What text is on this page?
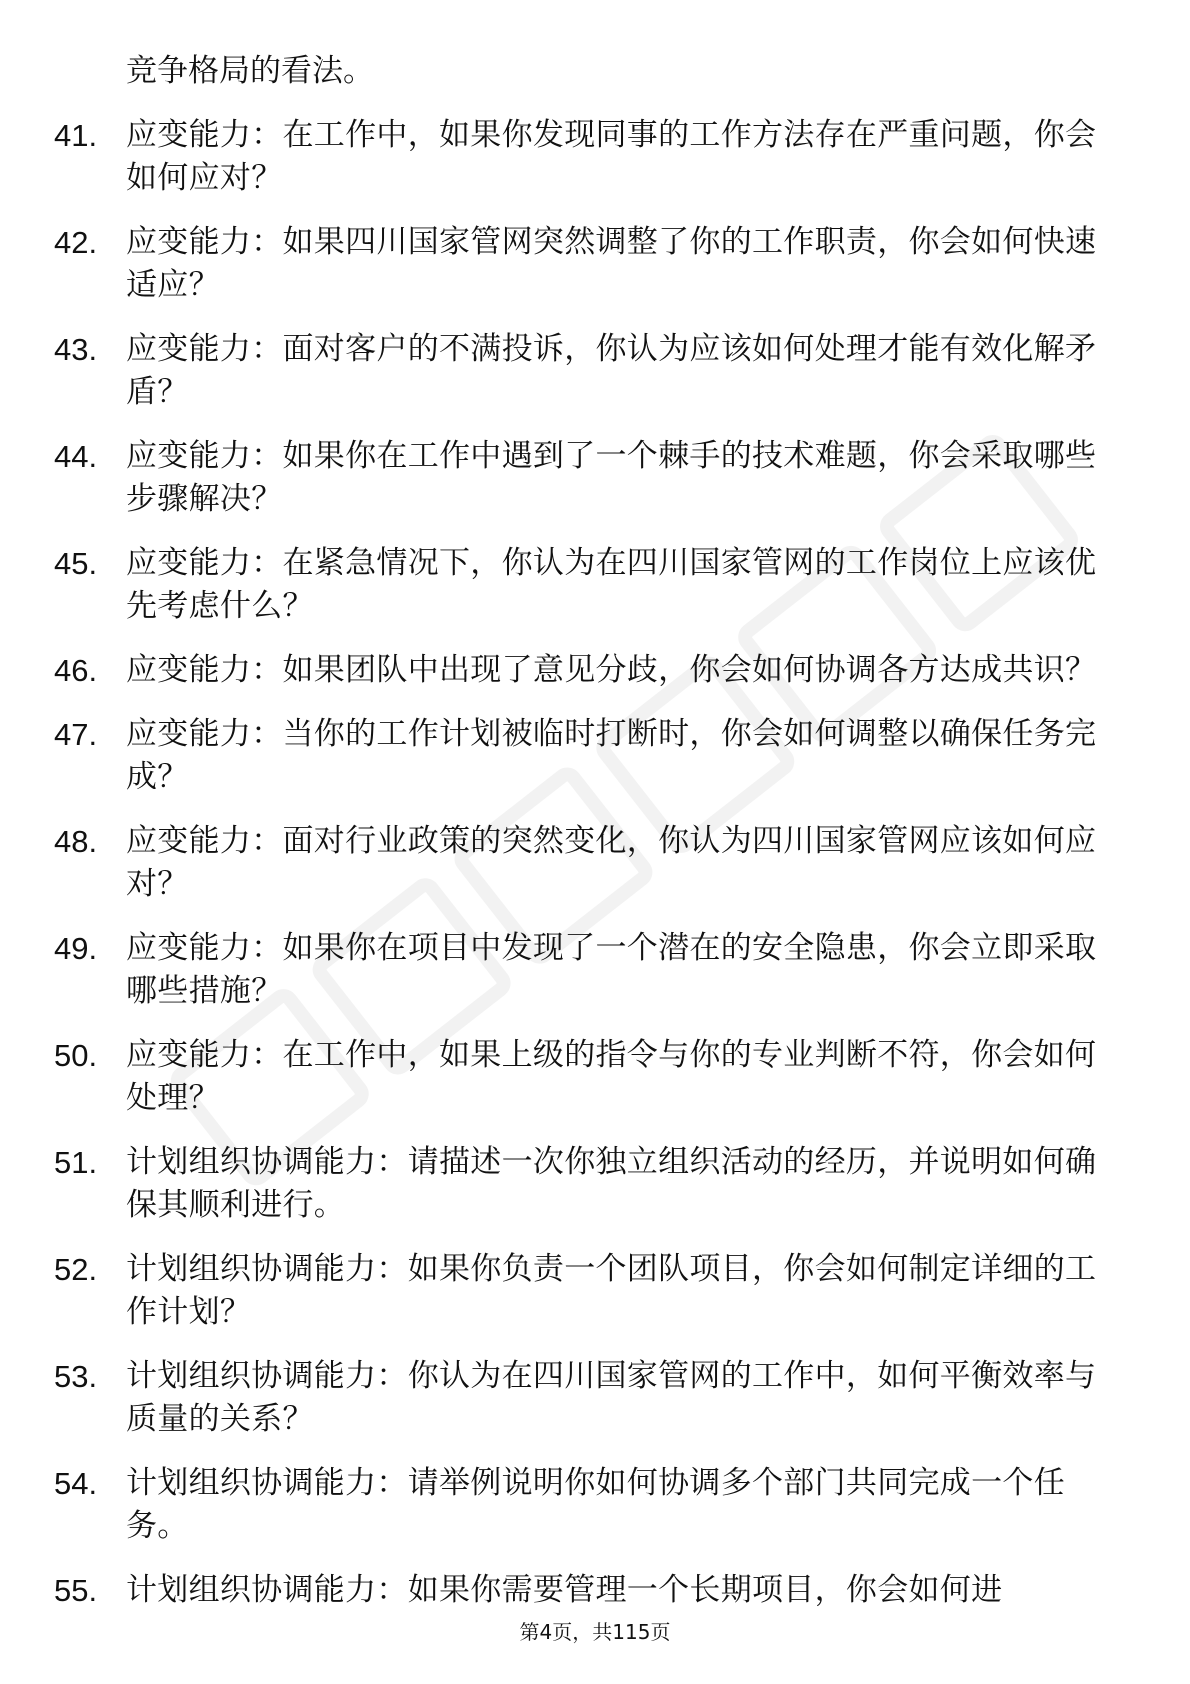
竞争格局的看法。
41. 应变能力：在工作中，如果你发现同事的工作方法存在严重问题，你会如何应对？
42. 应变能力：如果四川国家管网突然调整了你的工作职责，你会如何快速适应？
43. 应变能力：面对客户的不满投诉，你认为应该如何处理才能有效化解矛盾？
44. 应变能力：如果你在工作中遇到了一个棘手的技术难题，你会采取哪些步骤解决？
45. 应变能力：在紧急情况下，你认为在四川国家管网的工作岗位上应该优先考虑什么？
46. 应变能力：如果团队中出现了意见分歧，你会如何协调各方达成共识？
47. 应变能力：当你的工作计划被临时打断时，你会如何调整以确保任务完成？
48. 应变能力：面对行业政策的突然变化，你认为四川国家管网应该如何应对？
49. 应变能力：如果你在项目中发现了一个潜在的安全隐患，你会立即采取哪些措施？
50. 应变能力：在工作中，如果上级的指令与你的专业判断不符，你会如何处理？
51. 计划组织协调能力：请描述一次你独立组织活动的经历，并说明如何确保其顺利进行。
52. 计划组织协调能力：如果你负责一个团队项目，你会如何制定详细的工作计划？
53. 计划组织协调能力：你认为在四川国家管网的工作中，如何平衡效率与质量的关系？
54. 计划组织协调能力：请举例说明你如何协调多个部门共同完成一个任务。
55. 计划组织协调能力：如果你需要管理一个长期项目，你会如何进
第4页，共115页
